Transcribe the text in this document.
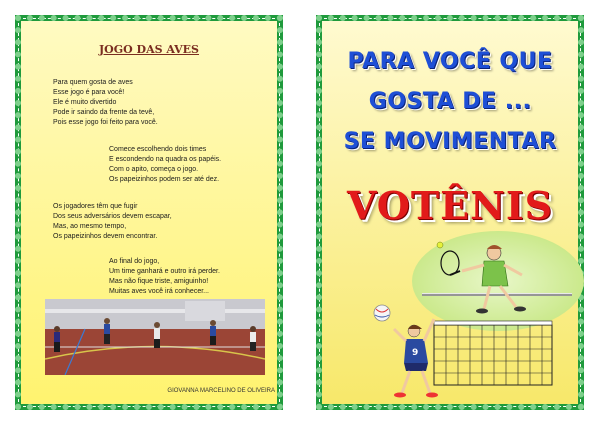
JOGO DAS AVES
Para quem gosta de aves
Esse jogo é para você!
Ele é muito divertido
Pode ir saindo da frente da tevê,
Pois esse jogo foi feito para você.
Comece escolhendo dois times
E escondendo na quadra os papéis.
Com o apito, começa o jogo.
Os papeizinhos podem ser até dez.
Os jogadores têm que fugir
Dos seus adversários devem escapar,
Mas, ao mesmo tempo,
Os papeizinhos devem encontrar.
Ao final do jogo,
Um time ganhará e outro irá perder.
Mas não fique triste, amiguinho!
Muitas aves você irá conhecer...
GIOVANNA MARCELINO DE OLIVEIRA
PARA VOCÊ QUE
GOSTA DE ...
SE MOVIMENTAR
VOTÊNIS
9
